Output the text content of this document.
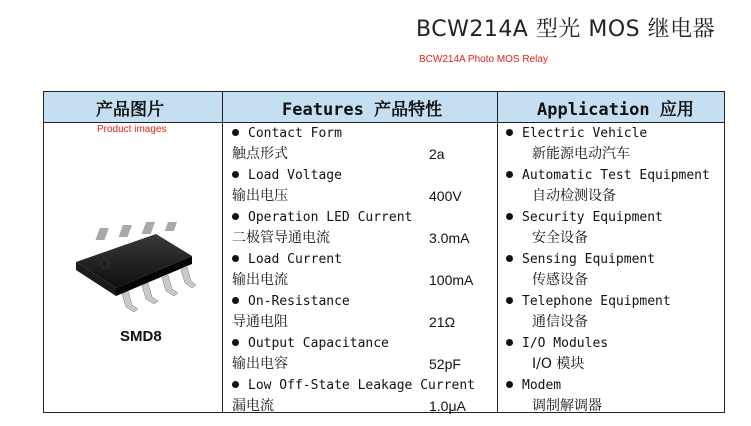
BCW214A 型光 MOS 继电器
BCW214A Photo MOS Relay
产品图片	Features 产品特性	Application 应用
Product images
SMD8
Contact Form
触点形式	2a
Load Voltage
输出电压	400V
Operation LED Current
二极管导通电流	3.0mA
Load Current
输出电流	100mA
On-Resistance
导通电阻	21Ω
Output Capacitance
输出电容	52pF
Low Off-State Leakage Current
漏电流	1.0μA
Electric Vehicle
新能源电动汽车
Automatic Test Equipment
自动检测设备
Security Equipment
安全设备
Sensing Equipment
传感设备
Telephone Equipment
通信设备
I/O Modules
I/O 模块
Modem
调制解调器
